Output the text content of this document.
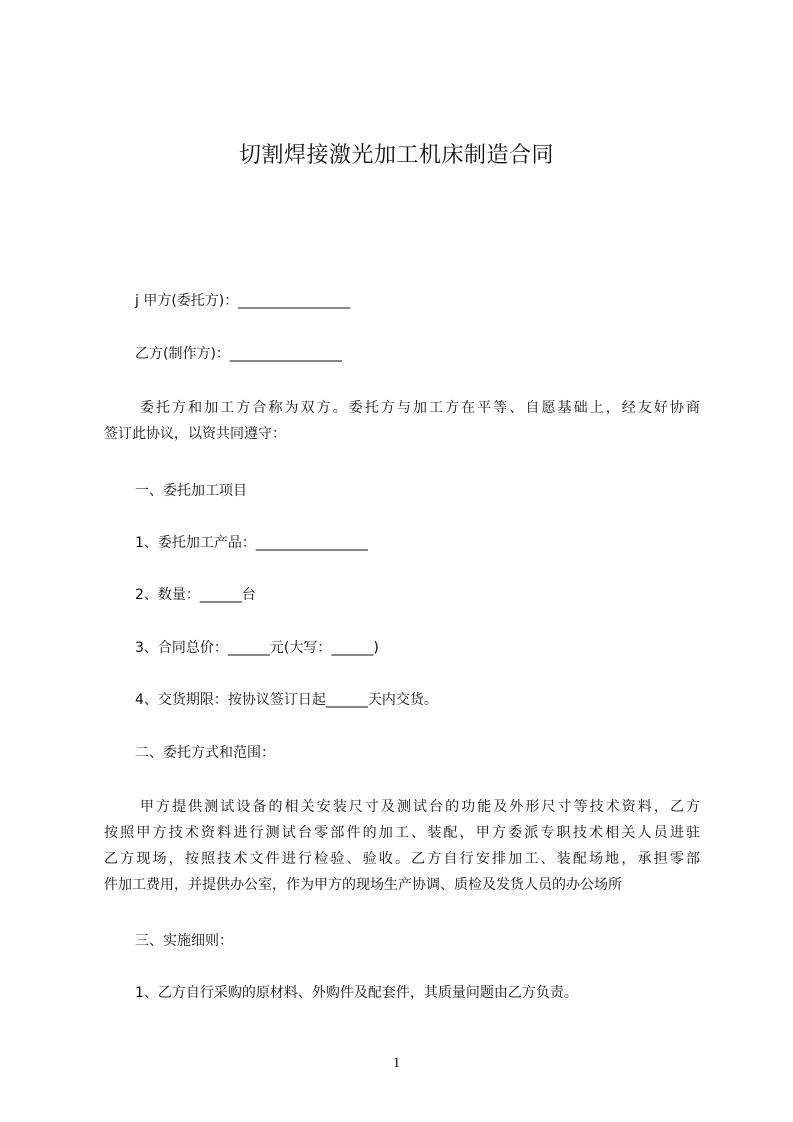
切割焊接激光加工机床制造合同
j 甲方(委托方)：________________
乙方(制作方)：________________
委托方和加工方合称为双方。委托方与加工方在平等、自愿基础上，经友好协商
签订此协议，以资共同遵守：
一、委托加工项目
1、委托加工产品：________________
2、数量：______台
3、合同总价：______元(大写：______)
4、交货期限：按协议签订日起______天内交货。
二、委托方式和范围：
甲方提供测试设备的相关安装尺寸及测试台的功能及外形尺寸等技术资料，乙方
按照甲方技术资料进行测试台零部件的加工、装配，甲方委派专职技术相关人员进驻
乙方现场，按照技术文件进行检验、验收。乙方自行安排加工、装配场地，承担零部
件加工费用，并提供办公室，作为甲方的现场生产协调、质检及发货人员的办公场所
三、实施细则：
1、乙方自行采购的原材料、外购件及配套件，其质量问题由乙方负责。
1
